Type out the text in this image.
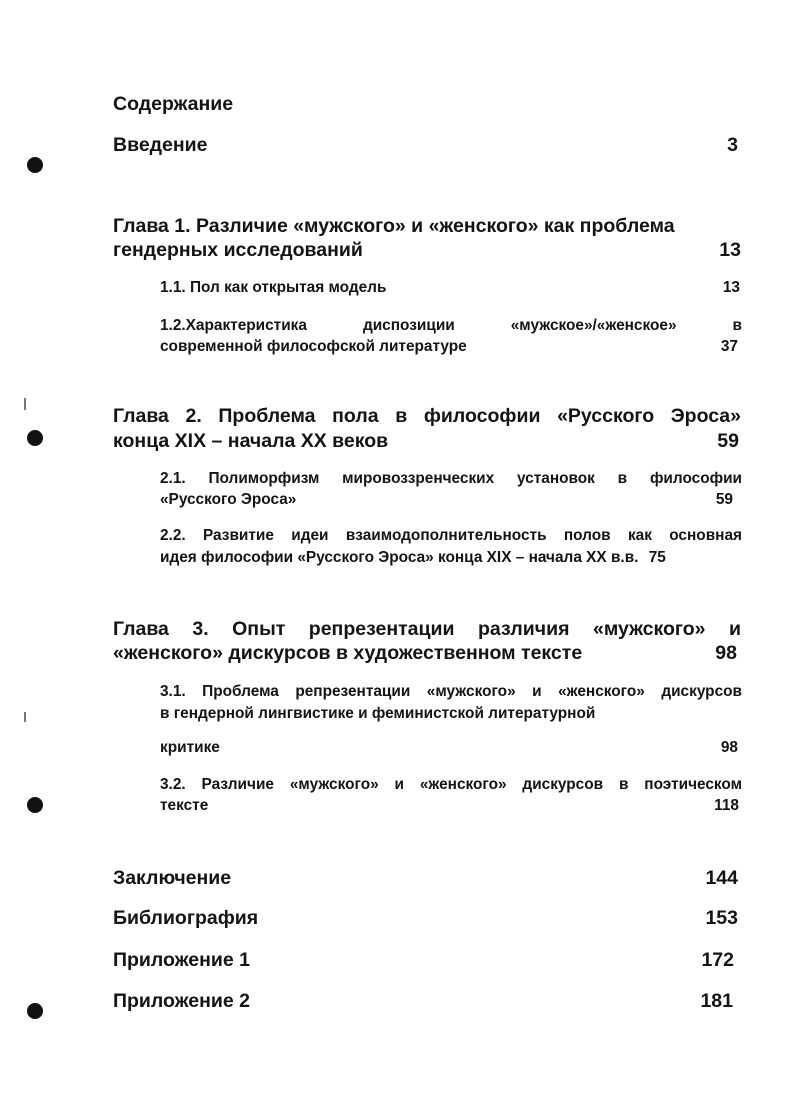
Содержание
Введение	3
Глава 1. Различие «мужского» и «женского» как проблема
гендерных исследований	13
1.1. Пол как открытая модель	13
1.2.Характеристика диспозиции «мужское»/«женское» в
современной философской литературе	37
Глава 2. Проблема пола в философии «Русского Эроса»
конца XIX – начала XX веков	59
2.1. Полиморфизм мировоззренческих установок в философии
«Русского Эроса»	59
2.2. Развитие идеи взаимодополнительность полов как основная
идея философии «Русского Эроса» конца XIX – начала XX в.в. 75
Глава 3. Опыт репрезентации различия «мужского» и
«женского» дискурсов в художественном тексте	98
3.1. Проблема репрезентации «мужского» и «женского» дискурсов
в гендерной лингвистике и феминистской литературной
критике	98
3.2. Различие «мужского» и «женского» дискурсов в поэтическом
тексте	118
Заключение	144
Библиография	153
Приложение 1	172
Приложение 2	181
